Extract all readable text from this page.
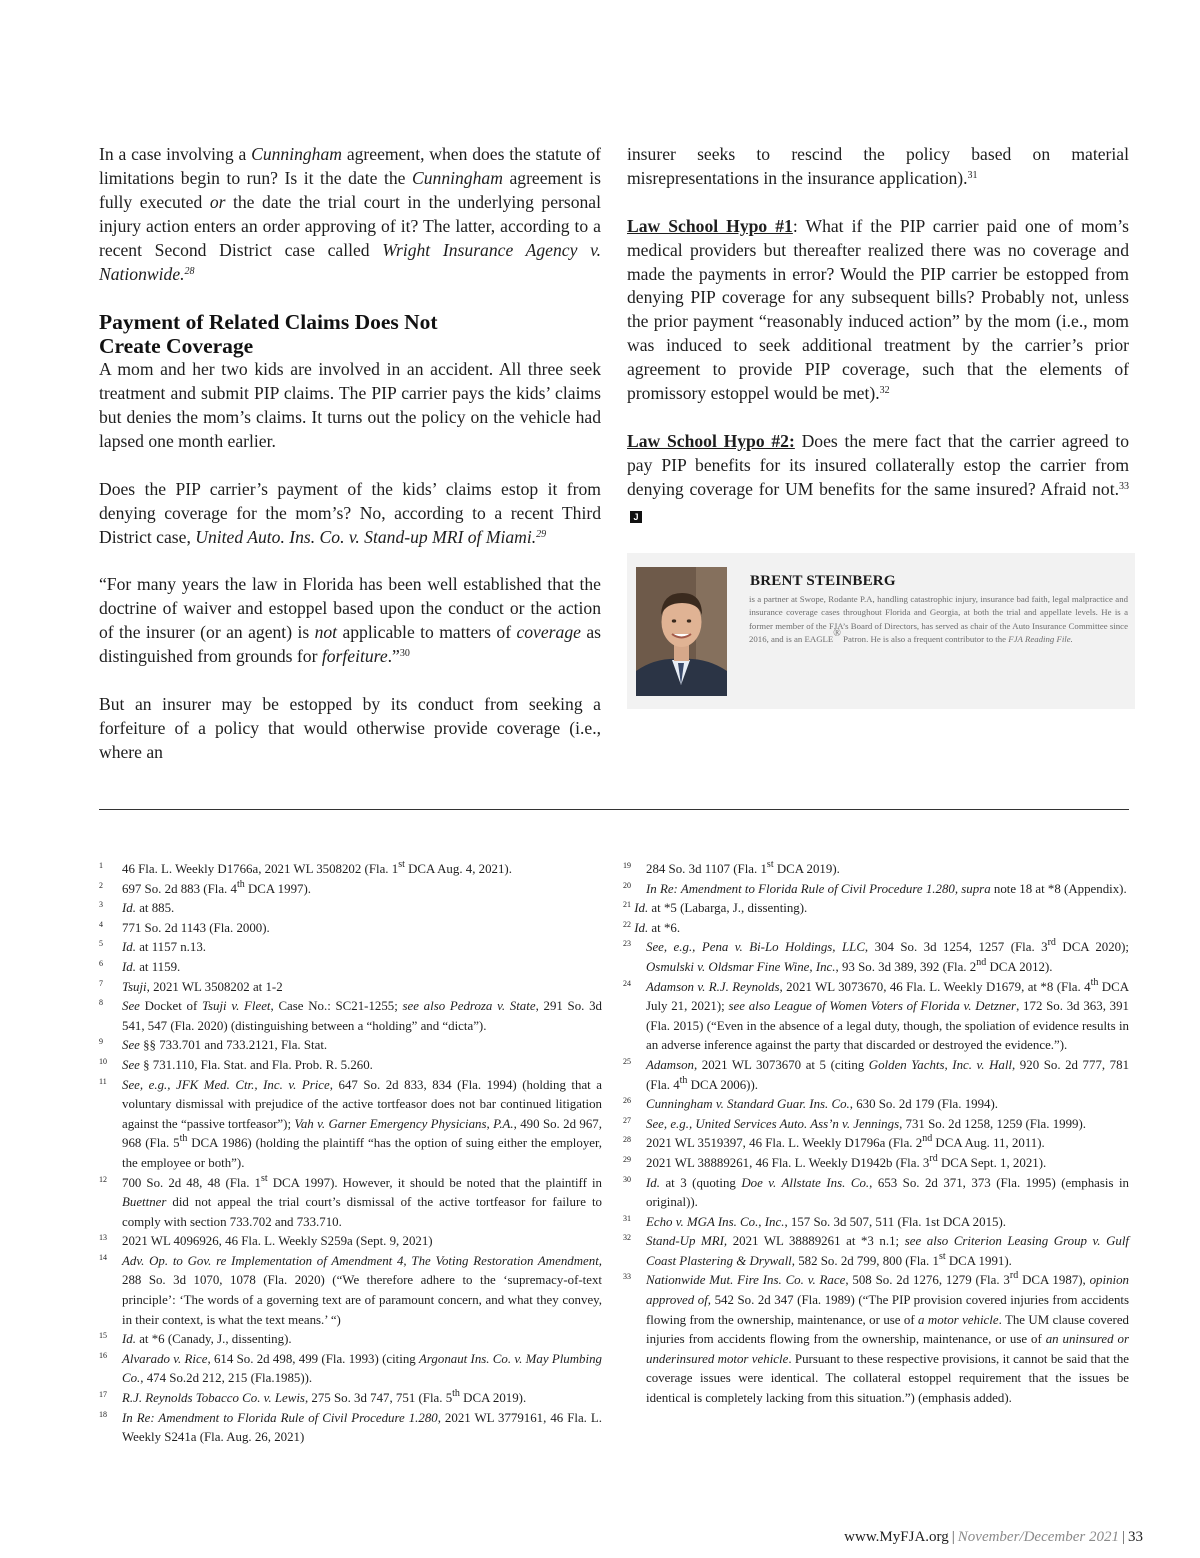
In a case involving a Cunningham agreement, when does the statute of limitations begin to run? Is it the date the Cunningham agreement is fully executed or the date the trial court in the underlying personal injury action enters an order approving of it? The latter, according to a recent Second District case called Wright Insurance Agency v. Nationwide.$^{28}$

Payment of Related Claims Does Not
Create Coverage

A mom and her two kids are involved in an accident. All three seek treatment and submit PIP claims. The PIP carrier pays the kids’ claims but denies the mom’s claims. It turns out the policy on the vehicle had lapsed one month earlier.

Does the PIP carrier’s payment of the kids’ claims estop it from denying coverage for the mom’s? No, according to a recent Third District case, United Auto. Ins. Co. v. Stand-up MRI of Miami.$^{29}$

“For many years the law in Florida has been well established that the doctrine of waiver and estoppel based upon the conduct or the action of the insurer (or an agent) is not applicable to matters of coverage as distinguished from grounds for forfeiture.”$^{30}$

But an insurer may be estopped by its conduct from seeking a forfeiture of a policy that would otherwise provide coverage (i.e., where an

insurer seeks to rescind the policy based on material misrepresentations in the insurance application).$^{31}$

Law School Hypo #1: What if the PIP carrier paid one of mom’s medical providers but thereafter realized there was no coverage and made the payments in error? Would the PIP carrier be estopped from denying PIP coverage for any subsequent bills? Probably not, unless the prior payment “reasonably induced action” by the mom (i.e., mom was induced to seek additional treatment by the carrier’s prior agreement to provide PIP coverage, such that the elements of promissory estoppel would be met).$^{32}$

Law School Hypo #2: Does the mere fact that the carrier agreed to pay PIP benefits for its insured collaterally estop the carrier from denying coverage for UM benefits for the same insured? Afraid not.$^{33}$J

BRENT STEINBERG
is a partner at Swope, Rodante P.A, handling catastrophic injury, insurance bad faith, legal malpractice and insurance coverage cases throughout Florida and Georgia, at both the trial and appellate levels. He is a former member of the FJA’s Board of Directors, has served as chair of the Auto Insurance Committee since 2016, and is an EAGLE® Patron. He is also a frequent contributor to the FJA Reading File.
1 46 Fla. L. Weekly D1766a, 2021 WL 3508202 (Fla. 1st DCA Aug. 4, 2021).
2 697 So. 2d 883 (Fla. 4th DCA 1997).
3 Id. at 885.
4 771 So. 2d 1143 (Fla. 2000).
5 Id. at 1157 n.13.
6 Id. at 1159.
7 Tsuji, 2021 WL 3508202 at 1-2
8 See Docket of Tsuji v. Fleet, Case No.: SC21-1255; see also Pedroza v. State, 291 So. 3d 541, 547 (Fla. 2020) (distinguishing between a “holding” and “dicta”).
9 See §§ 733.701 and 733.2121, Fla. Stat.
10 See § 731.110, Fla. Stat. and Fla. Prob. R. 5.260.
11 See, e.g., JFK Med. Ctr., Inc. v. Price, 647 So. 2d 833, 834 (Fla. 1994) (holding that a voluntary dismissal with prejudice of the active tortfeasor does not bar continued litigation against the “passive tortfeasor”); Vah v. Garner Emergency Physicians, P.A., 490 So. 2d 967, 968 (Fla. 5th DCA 1986) (holding the plaintiff “has the option of suing either the employer, the employee or both”).
12 700 So. 2d 48, 48 (Fla. 1st DCA 1997). However, it should be noted that the plaintiff in Buettner did not appeal the trial court’s dismissal of the active tortfeasor for failure to comply with section 733.702 and 733.710.
13 2021 WL 4096926, 46 Fla. L. Weekly S259a (Sept. 9, 2021)
14 Adv. Op. to Gov. re Implementation of Amendment 4, The Voting Restoration Amendment, 288 So. 3d 1070, 1078 (Fla. 2020) (“We therefore adhere to the ‘supremacy-of-text principle’: ‘The words of a governing text are of paramount concern, and what they convey, in their context, is what the text means.’ “)
15 Id. at *6 (Canady, J., dissenting).
16 Alvarado v. Rice, 614 So. 2d 498, 499 (Fla. 1993) (citing Argonaut Ins. Co. v. May Plumbing Co., 474 So.2d 212, 215 (Fla.1985)).
17 R.J. Reynolds Tobacco Co. v. Lewis, 275 So. 3d 747, 751 (Fla. 5th DCA 2019).
18 In Re: Amendment to Florida Rule of Civil Procedure 1.280, 2021 WL 3779161, 46 Fla. L. Weekly S241a (Fla. Aug. 26, 2021)
19 284 So. 3d 1107 (Fla. 1st DCA 2019).
20 In Re: Amendment to Florida Rule of Civil Procedure 1.280, supra note 18 at *8 (Appendix).
$^{21}$ Id. at *5 (Labarga, J., dissenting).
$^{22}$ Id. at *6.
23 See, e.g., Pena v. Bi-Lo Holdings, LLC, 304 So. 3d 1254, 1257 (Fla. 3rd DCA 2020); Osmulski v. Oldsmar Fine Wine, Inc., 93 So. 3d 389, 392 (Fla. 2nd DCA 2012).
24 Adamson v. R.J. Reynolds, 2021 WL 3073670, 46 Fla. L. Weekly D1679, at *8 (Fla. 4th DCA July 21, 2021); see also League of Women Voters of Florida v. Detzner, 172 So. 3d 363, 391 (Fla. 2015) (“Even in the absence of a legal duty, though, the spoliation of evidence results in an adverse inference against the party that discarded or destroyed the evidence.”).
25 Adamson, 2021 WL 3073670 at 5 (citing Golden Yachts, Inc. v. Hall, 920 So. 2d 777, 781 (Fla. 4th DCA 2006)).
26 Cunningham v. Standard Guar. Ins. Co., 630 So. 2d 179 (Fla. 1994).
27 See, e.g., United Services Auto. Ass’n v. Jennings, 731 So. 2d 1258, 1259 (Fla. 1999).
28 2021 WL 3519397, 46 Fla. L. Weekly D1796a (Fla. 2nd DCA Aug. 11, 2011).
29 2021 WL 38889261, 46 Fla. L. Weekly D1942b (Fla. 3rd DCA Sept. 1, 2021).
30 Id. at 3 (quoting Doe v. Allstate Ins. Co., 653 So. 2d 371, 373 (Fla. 1995) (emphasis in original)).
31 Echo v. MGA Ins. Co., Inc., 157 So. 3d 507, 511 (Fla. 1st DCA 2015).
32 Stand-Up MRI, 2021 WL 38889261 at *3 n.1; see also Criterion Leasing Group v. Gulf Coast Plastering & Drywall, 582 So. 2d 799, 800 (Fla. 1st DCA 1991).
33 Nationwide Mut. Fire Ins. Co. v. Race, 508 So. 2d 1276, 1279 (Fla. 3rd DCA 1987), opinion approved of, 542 So. 2d 347 (Fla. 1989) (“The PIP provision covered injuries from accidents flowing from the ownership, maintenance, or use of a motor vehicle. The UM clause covered injuries from accidents flowing from the ownership, maintenance, or use of an uninsured or underinsured motor vehicle. Pursuant to these respective provisions, it cannot be said that the coverage issues were identical. The collateral estoppel requirement that the issues be identical is completely lacking from this situation.”) (emphasis added).
www.MyFJA.org | November/December 2021 | 33
